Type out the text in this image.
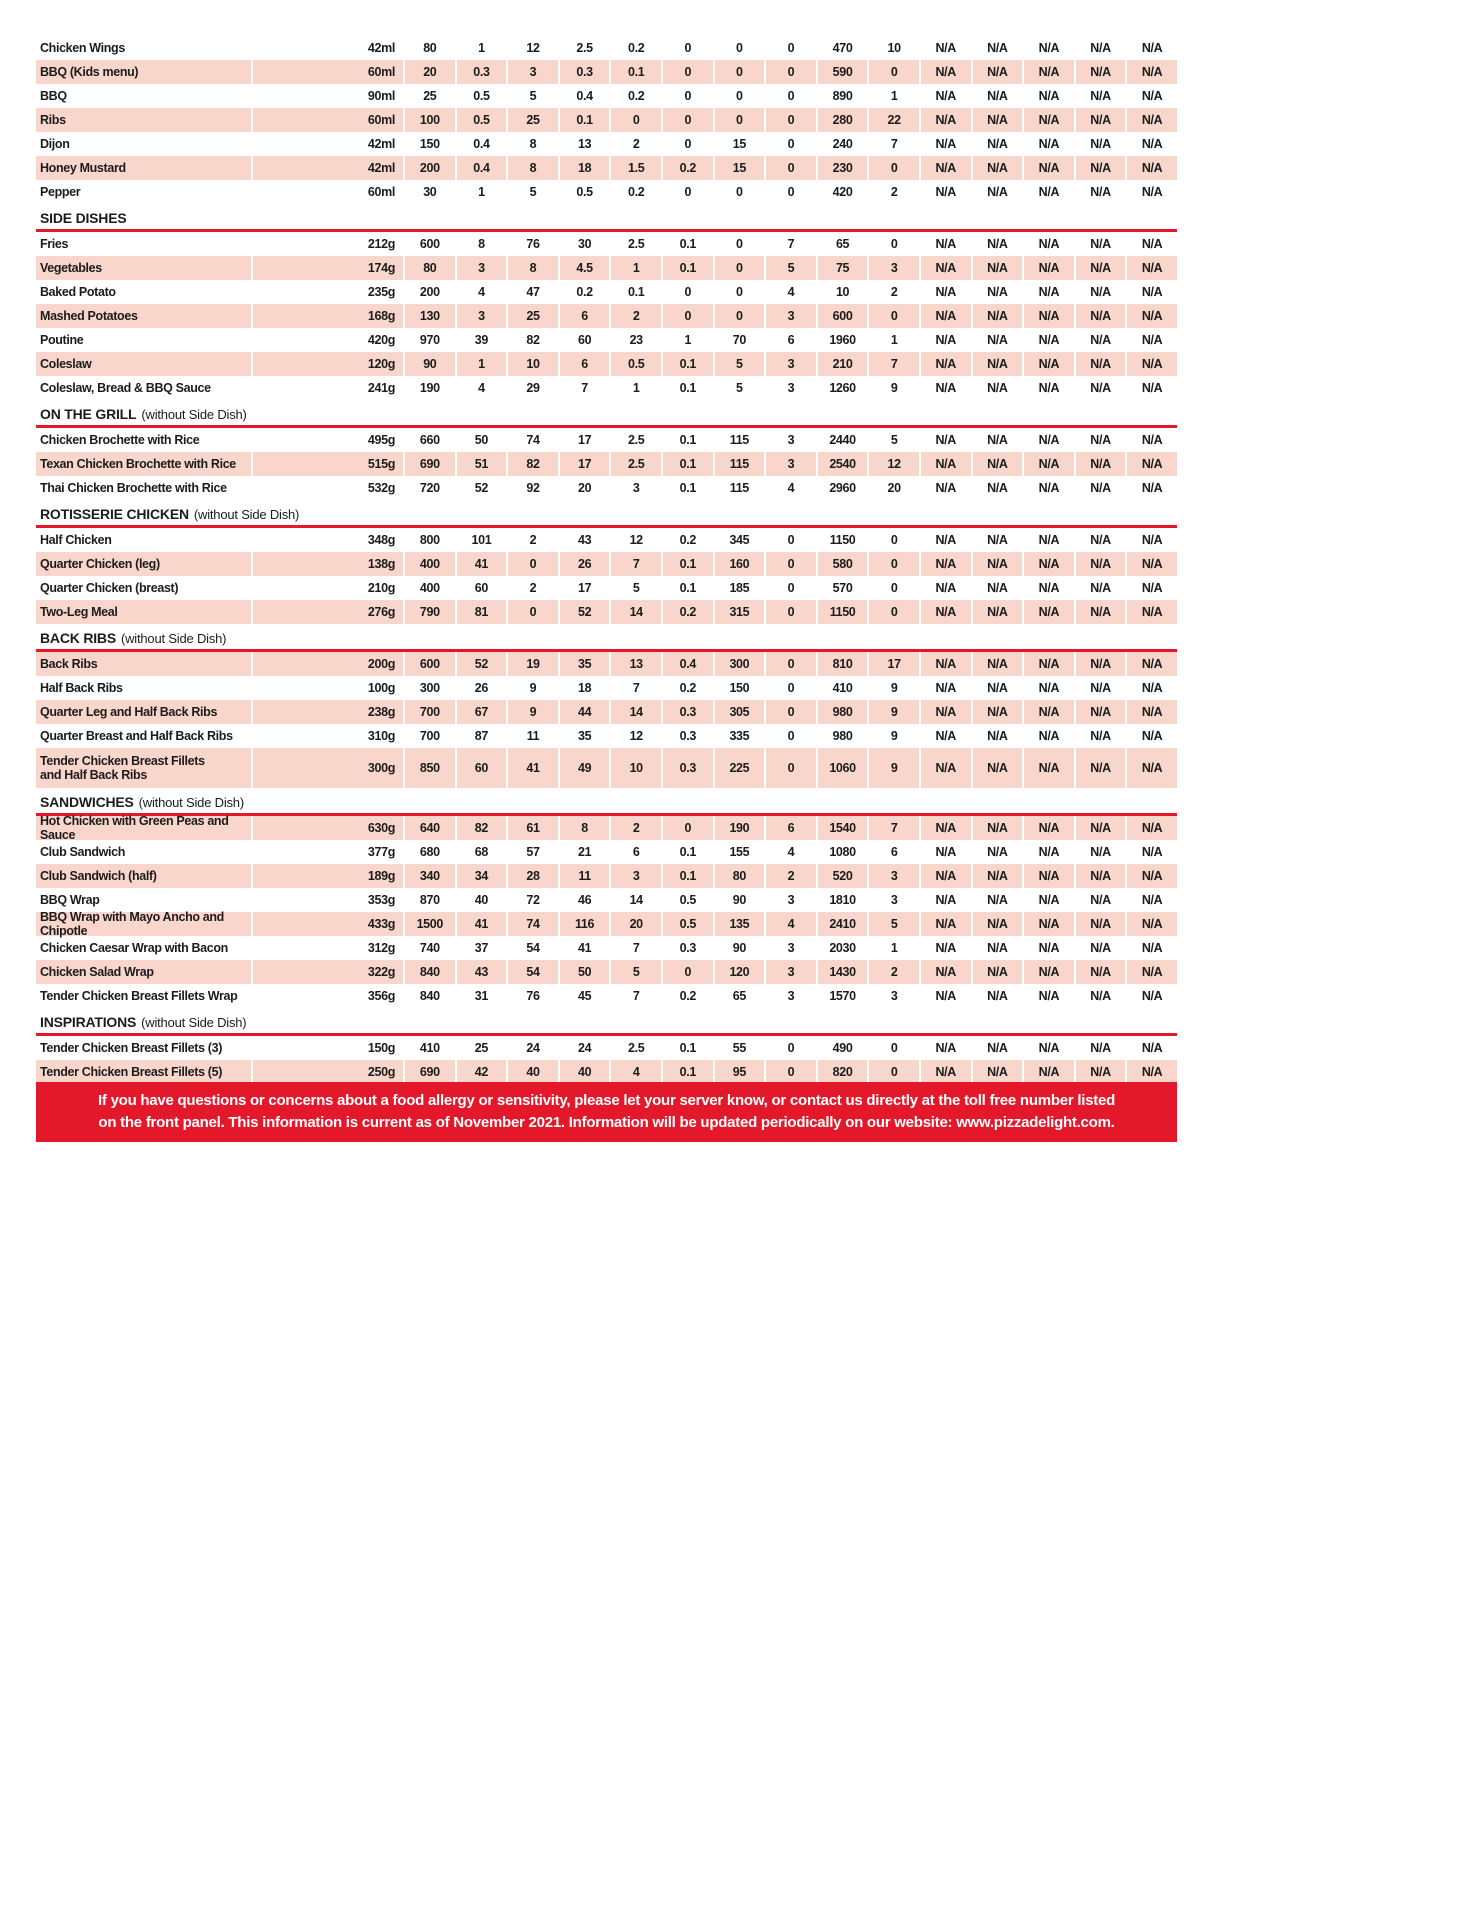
Chicken Wings	42ml	80	1	12	2.5	0.2	0	0	0	470	10	N/A	N/A	N/A	N/A	N/A
BBQ (Kids menu)	60ml	20	0.3	3	0.3	0.1	0	0	0	590	0	N/A	N/A	N/A	N/A	N/A
BBQ	90ml	25	0.5	5	0.4	0.2	0	0	0	890	1	N/A	N/A	N/A	N/A	N/A
Ribs	60ml	100	0.5	25	0.1	0	0	0	0	280	22	N/A	N/A	N/A	N/A	N/A
Dijon	42ml	150	0.4	8	13	2	0	15	0	240	7	N/A	N/A	N/A	N/A	N/A
Honey Mustard	42ml	200	0.4	8	18	1.5	0.2	15	0	230	0	N/A	N/A	N/A	N/A	N/A
Pepper	60ml	30	1	5	0.5	0.2	0	0	0	420	2	N/A	N/A	N/A	N/A	N/A
SIDE DISHES
Fries	212g	600	8	76	30	2.5	0.1	0	7	65	0	N/A	N/A	N/A	N/A	N/A
Vegetables	174g	80	3	8	4.5	1	0.1	0	5	75	3	N/A	N/A	N/A	N/A	N/A
Baked Potato	235g	200	4	47	0.2	0.1	0	0	4	10	2	N/A	N/A	N/A	N/A	N/A
Mashed Potatoes	168g	130	3	25	6	2	0	0	3	600	0	N/A	N/A	N/A	N/A	N/A
Poutine	420g	970	39	82	60	23	1	70	6	1960	1	N/A	N/A	N/A	N/A	N/A
Coleslaw	120g	90	1	10	6	0.5	0.1	5	3	210	7	N/A	N/A	N/A	N/A	N/A
Coleslaw, Bread & BBQ Sauce	241g	190	4	29	7	1	0.1	5	3	1260	9	N/A	N/A	N/A	N/A	N/A
ON THE GRILL (without Side Dish)
Chicken Brochette with Rice	495g	660	50	74	17	2.5	0.1	115	3	2440	5	N/A	N/A	N/A	N/A	N/A
Texan Chicken Brochette with Rice	515g	690	51	82	17	2.5	0.1	115	3	2540	12	N/A	N/A	N/A	N/A	N/A
Thai Chicken Brochette with Rice	532g	720	52	92	20	3	0.1	115	4	2960	20	N/A	N/A	N/A	N/A	N/A
ROTISSERIE CHICKEN (without Side Dish)
Half Chicken	348g	800	101	2	43	12	0.2	345	0	1150	0	N/A	N/A	N/A	N/A	N/A
Quarter Chicken (leg)	138g	400	41	0	26	7	0.1	160	0	580	0	N/A	N/A	N/A	N/A	N/A
Quarter Chicken (breast)	210g	400	60	2	17	5	0.1	185	0	570	0	N/A	N/A	N/A	N/A	N/A
Two-Leg Meal	276g	790	81	0	52	14	0.2	315	0	1150	0	N/A	N/A	N/A	N/A	N/A
BACK RIBS (without Side Dish)
Back Ribs	200g	600	52	19	35	13	0.4	300	0	810	17	N/A	N/A	N/A	N/A	N/A
Half Back Ribs	100g	300	26	9	18	7	0.2	150	0	410	9	N/A	N/A	N/A	N/A	N/A
Quarter Leg and Half Back Ribs	238g	700	67	9	44	14	0.3	305	0	980	9	N/A	N/A	N/A	N/A	N/A
Quarter Breast and Half Back Ribs	310g	700	87	11	35	12	0.3	335	0	980	9	N/A	N/A	N/A	N/A	N/A
Tender Chicken Breast Fillets
and Half Back Ribs
300g	850	60	41	49	10	0.3	225	0	1060	9	N/A	N/A	N/A	N/A	N/A
SANDWICHES (without Side Dish)
Hot Chicken with Green Peas and Sauce
630g	640	82	61	8	2	0	190	6	1540	7	N/A	N/A	N/A	N/A	N/A
Club Sandwich	377g	680	68	57	21	6	0.1	155	4	1080	6	N/A	N/A	N/A	N/A	N/A
Club Sandwich (half)	189g	340	34	28	11	3	0.1	80	2	520	3	N/A	N/A	N/A	N/A	N/A
BBQ Wrap	353g	870	40	72	46	14	0.5	90	3	1810	3	N/A	N/A	N/A	N/A	N/A
BBQ Wrap with Mayo Ancho and Chipotle
433g	1500	41	74	116	20	0.5	135	4	2410	5	N/A	N/A	N/A	N/A	N/A
Chicken Caesar Wrap with Bacon	312g	740	37	54	41	7	0.3	90	3	2030	1	N/A	N/A	N/A	N/A	N/A
Chicken Salad Wrap	322g	840	43	54	50	5	0	120	3	1430	2	N/A	N/A	N/A	N/A	N/A
Tender Chicken Breast Fillets Wrap	356g	840	31	76	45	7	0.2	65	3	1570	3	N/A	N/A	N/A	N/A	N/A
INSPIRATIONS (without Side Dish)
Tender Chicken Breast Fillets (3)	150g	410	25	24	24	2.5	0.1	55	0	490	0	N/A	N/A	N/A	N/A	N/A
Tender Chicken Breast Fillets (5)	250g	690	42	40	40	4	0.1	95	0	820	0	N/A	N/A	N/A	N/A	N/A
If you have questions or concerns about a food allergy or sensitivity, please let your server know, or contact us directly at the toll free number listed
on the front panel. This information is current as of November 2021. Information will be updated periodically on our website: www.pizzadelight.com.
